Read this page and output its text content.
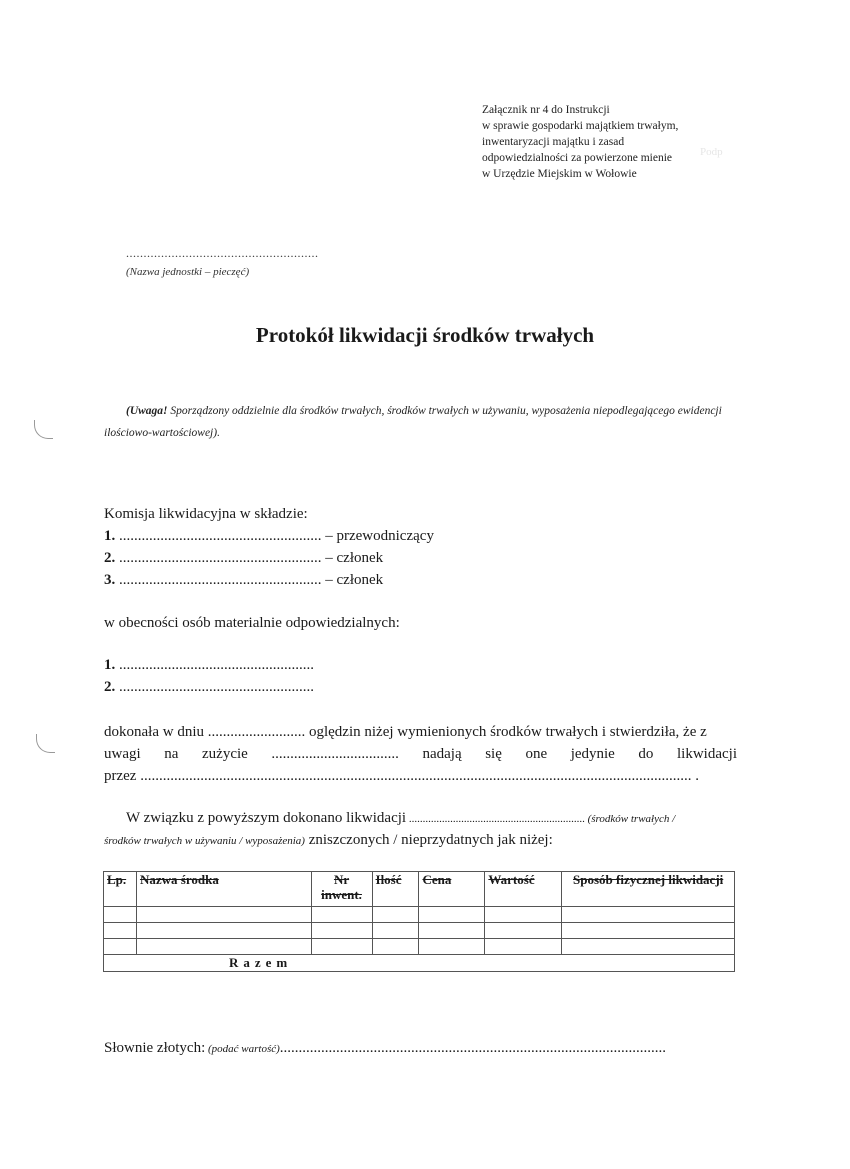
Podp
Załącznik nr 4 do Instrukcji
w sprawie gospodarki majątkiem trwałym,
inwentaryzacji majątku i zasad
odpowiedzialności za powierzone mienie
w Urzędzie Miejskim w Wołowie
.......................................................
(Nazwa jednostki – pieczęć)
Protokół likwidacji środków trwałych
(Uwaga! Sporządzony oddzielnie dla środków trwałych, środków trwałych w używaniu, wyposażenia niepodlegającego ewidencji ilościowo-wartościowej).
Komisja likwidacyjna w składzie:
1. ...................................................... – przewodniczący
2. ...................................................... – członek
3. ...................................................... – członek
w obecności osób materialnie odpowiedzialnych:
1. ....................................................
2. ....................................................
dokonała w dniu .......................... oględzin niżej wymienionych środków trwałych i stwierdziła, że z
uwagi na zużycie .................................. nadają się one jedynie do likwidacji
przez ................................................................................................................................................... .
W związku z powyższym dokonano likwidacji ................................................................ (środków trwałych /
środków trwałych w używaniu / wyposażenia) zniszczonych / nieprzydatnych jak niżej:
Lp.	Nazwa środka	Nr inwent.	Ilość	Cena	Wartość	Sposób fizycznej likwidacji

Razem						
Słownie złotych: (podać wartość).......................................................................................................
